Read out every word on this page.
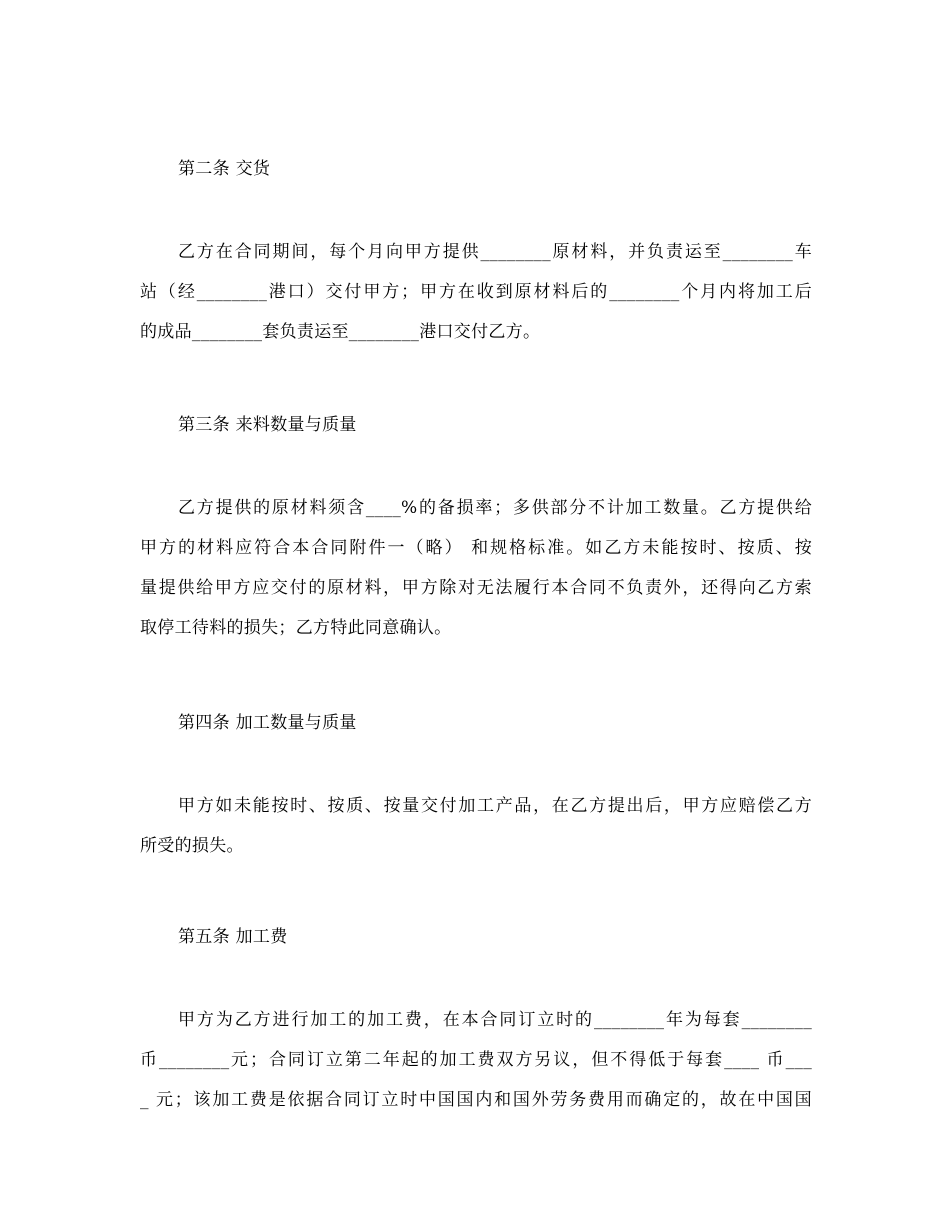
第二条 交货
乙方在合同期间，每个月向甲方提供________原材料，并负责运至________车
站（经________港口）交付甲方；甲方在收到原材料后的________个月内将加工后
的成品________套负责运至________港口交付乙方。
第三条 来料数量与质量
乙方提供的原材料须含____%的备损率；多供部分不计加工数量。乙方提供给
甲方的材料应符合本合同附件一（略） 和规格标准。如乙方未能按时、按质、按
量提供给甲方应交付的原材料，甲方除对无法履行本合同不负责外，还得向乙方索
取停工待料的损失；乙方特此同意确认。
第四条 加工数量与质量
甲方如未能按时、按质、按量交付加工产品，在乙方提出后，甲方应赔偿乙方
所受的损失。
第五条 加工费
甲方为乙方进行加工的加工费，在本合同订立时的________年为每套________
币________元；合同订立第二年起的加工费双方另议，但不得低于每套____ 币___
_ 元；该加工费是依据合同订立时中国国内和国外劳务费用而确定的，故在中国国
